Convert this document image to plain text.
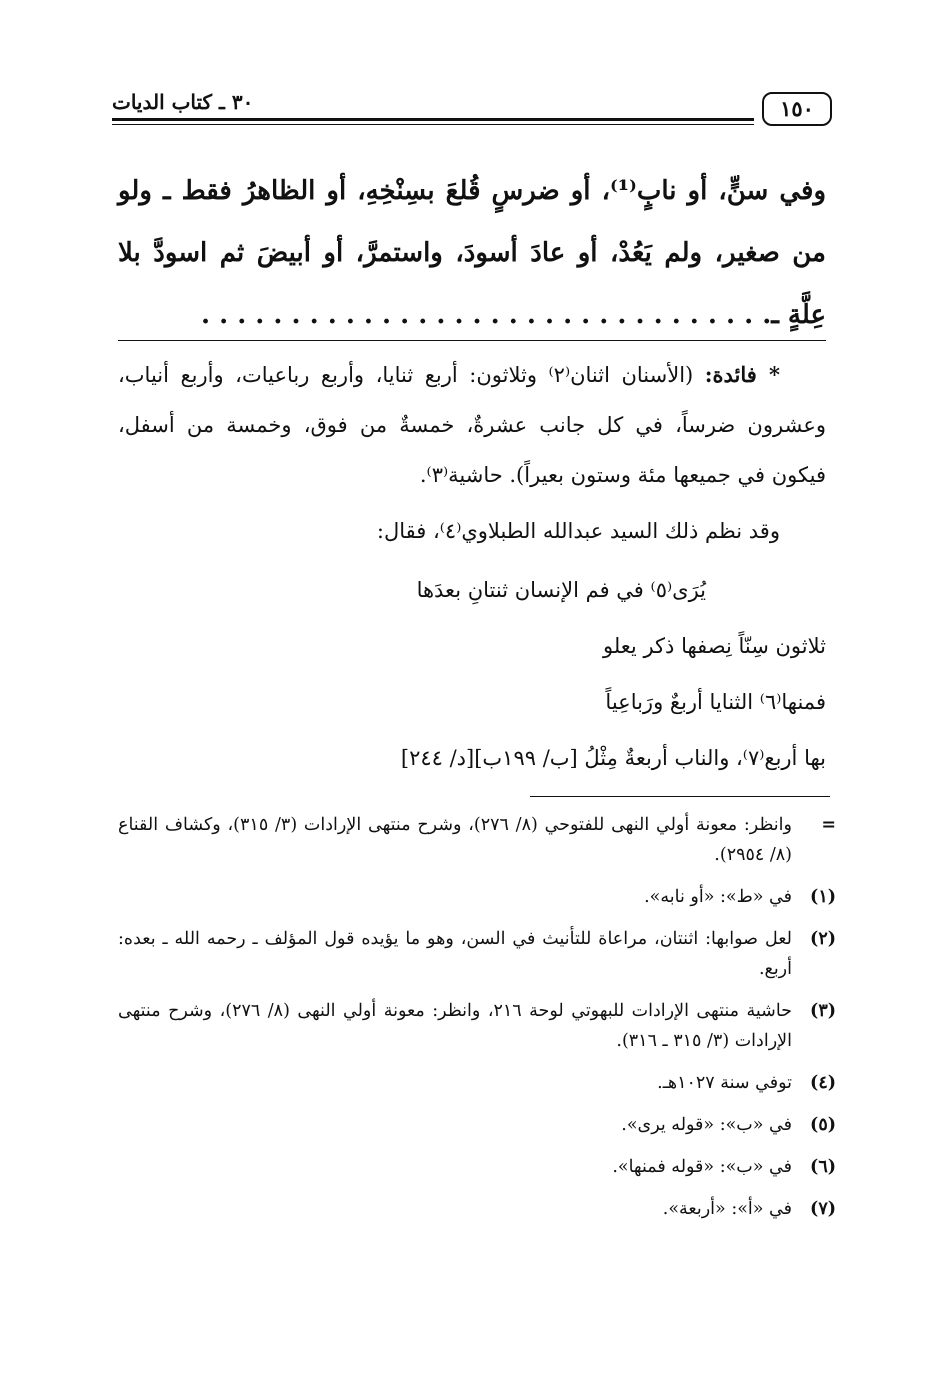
٣٠ ـ كتاب الديات	١٥٠
وفي سنٍّ، أو نابٍ⁽¹⁾، أو ضرسٍ قُلعَ بسِنْخِهِ، أو الظاهرُ فقط ـ ولو من صغير، ولم يَعُدْ، أو عادَ أسودَ، واستمرَّ، أو أبيضَ ثم اسودَّ بلا عِلَّةٍ ـ. . . . . . . . . . . . . . . . . . . . . . . . . . . . . . . .
* فائدة: (الأسنان اثنان⁽٢⁾ وثلاثون: أربع ثنايا، وأربع رباعيات، وأربع أنياب، وعشرون ضرساً، في كل جانب عشرةٌ، خمسةٌ من فوق، وخمسة من أسفل، فيكون في جميعها مئة وستون بعيراً). حاشية⁽٣⁾.
وقد نظم ذلك السيد عبدالله الطبلاوي⁽٤⁾، فقال:
يُرَى⁽٥⁾ في فم الإنسان ثنتانِ بعدَها
ثلاثون سِنّاً نِصفها ذكر يعلو
فمنها⁽٦⁾ الثنايا أربعٌ ورَباعِياً
بها أربع⁽٧⁾، والناب أربعةٌ مِثْلُ [ب/ ١٩٩ب][د/ ٢٤٤]
=
وانظر: معونة أولي النهى للفتوحي (٨/ ٢٧٦)، وشرح منتهى الإرادات (٣/ ٣١٥)، وكشاف القناع (٨/ ٢٩٥٤).
(١)
في «ط»: «أو نابه».
(٢)
لعل صوابها: اثنتان، مراعاة للتأنيث في السن، وهو ما يؤيده قول المؤلف ـ رحمه الله ـ بعده: أربع.
(٣)
حاشية منتهى الإرادات للبهوتي لوحة ٢١٦، وانظر: معونة أولي النهى (٨/ ٢٧٦)، وشرح منتهى الإرادات (٣/ ٣١٥ ـ ٣١٦).
(٤)
توفي سنة ١٠٢٧هـ.
(٥)
في «ب»: «قوله يرى».
(٦)
في «ب»: «قوله فمنها».
(٧)
في «أ»: «أربعة».
